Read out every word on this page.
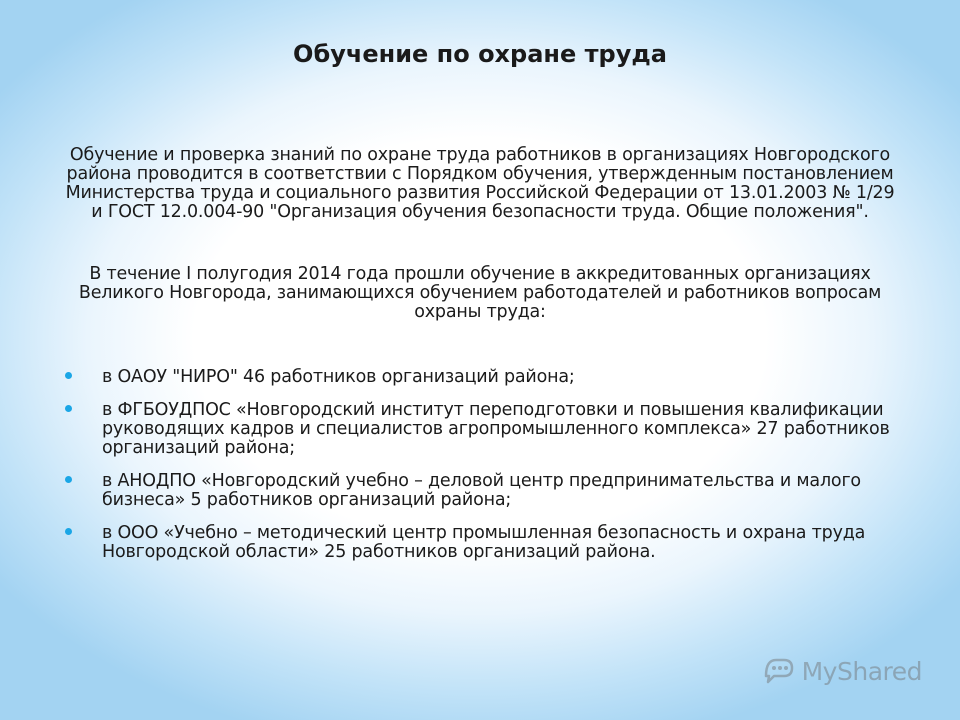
Обучение по охране труда
Обучение и проверка знаний по охране труда работников в организациях Новгородского района проводится в соответствии с Порядком обучения, утвержденным постановлением Министерства труда и социального развития Российской Федерации от 13.01.2003 № 1/29 и ГОСТ 12.0.004-90 "Организация обучения безопасности труда. Общие положения".
В течение I полугодия 2014 года прошли обучение в аккредитованных организациях Великого Новгорода, занимающихся обучением работодателей и работников вопросам охраны труда:
в ОАОУ "НИРО" 46 работников организаций района;
в ФГБОУДПОС «Новгородский институт переподготовки и повышения квалификации руководящих кадров и специалистов агропромышленного комплекса» 27 работников организаций района;
в АНОДПО «Новгородский учебно – деловой центр предпринимательства и малого бизнеса» 5 работников организаций района;
в ООО «Учебно – методический центр промышленная безопасность и охрана труда Новгородской области» 25 работников организаций района.
MyShared
